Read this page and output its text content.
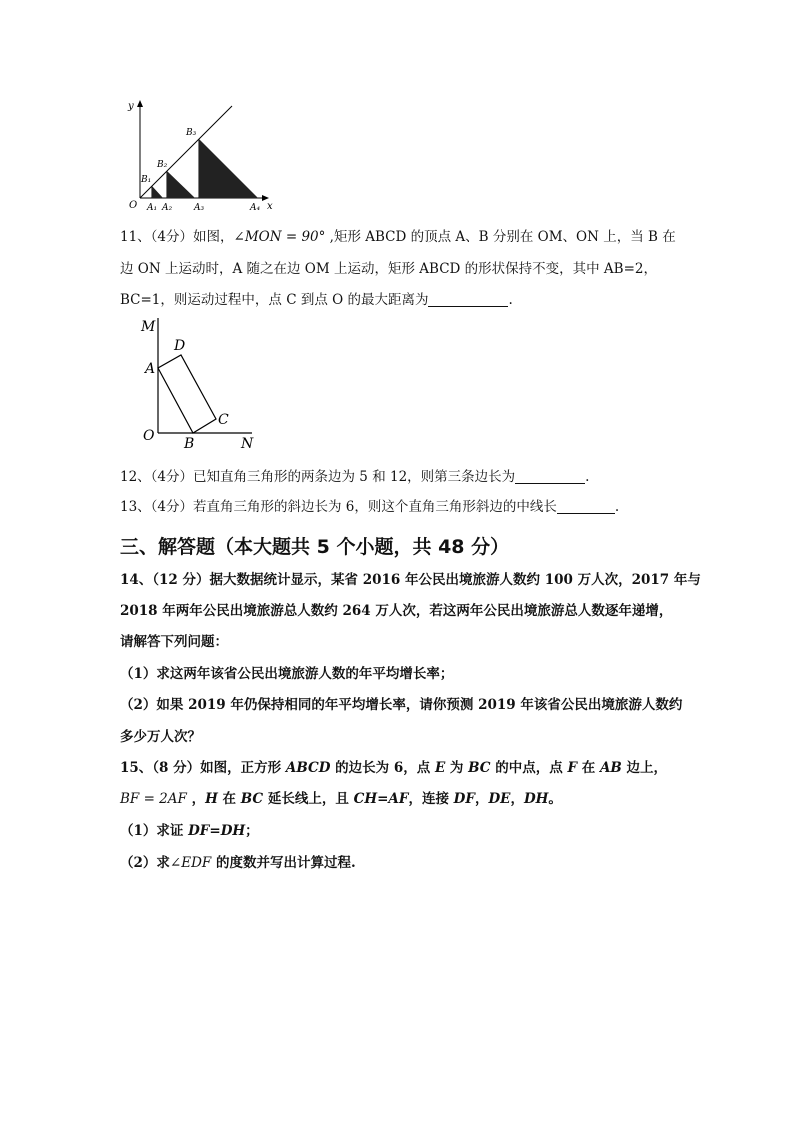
y
x
O
B₁
B₂
B₃
A₁ A₂ A₃	A₄
11、（4分）如图，∠MON = 90° ,矩形 ABCD 的顶点 A、B 分别在 OM、ON 上，当 B 在
边 ON 上运动时，A 随之在边 OM 上运动，矩形 ABCD 的形状保持不变，其中 AB=2，
BC=1，则运动过程中，点 C 到点 O 的最大距离为	.
M
D
A
C
O B	N
12、（4分）已知直角三角形的两条边为 5 和 12，则第三条边长为	.
13、（4分）若直角三角形的斜边长为 6，则这个直角三角形斜边的中线长	.
三、解答题（本大题共 5 个小题，共 48 分）
14、（12 分）据大数据统计显示，某省 2016 年公民出境旅游人数约 100 万人次，2017 年与
2018 年两年公民出境旅游总人数约 264 万人次，若这两年公民出境旅游总人数逐年递增，
请解答下列问题：
（1）求这两年该省公民出境旅游人数的年平均增长率；
（2）如果 2019 年仍保持相同的年平均增长率，请你预测 2019 年该省公民出境旅游人数约
多少万人次？
15、（8 分）如图，正方形 ABCD 的边长为 6，点 E 为 BC 的中点，点 F 在 AB 边上，
BF = 2AF ，H 在 BC 延长线上，且 CH=AF，连接 DF，DE，DH。
（1）求证 DF=DH；
（2）求∠EDF 的度数并写出计算过程.
